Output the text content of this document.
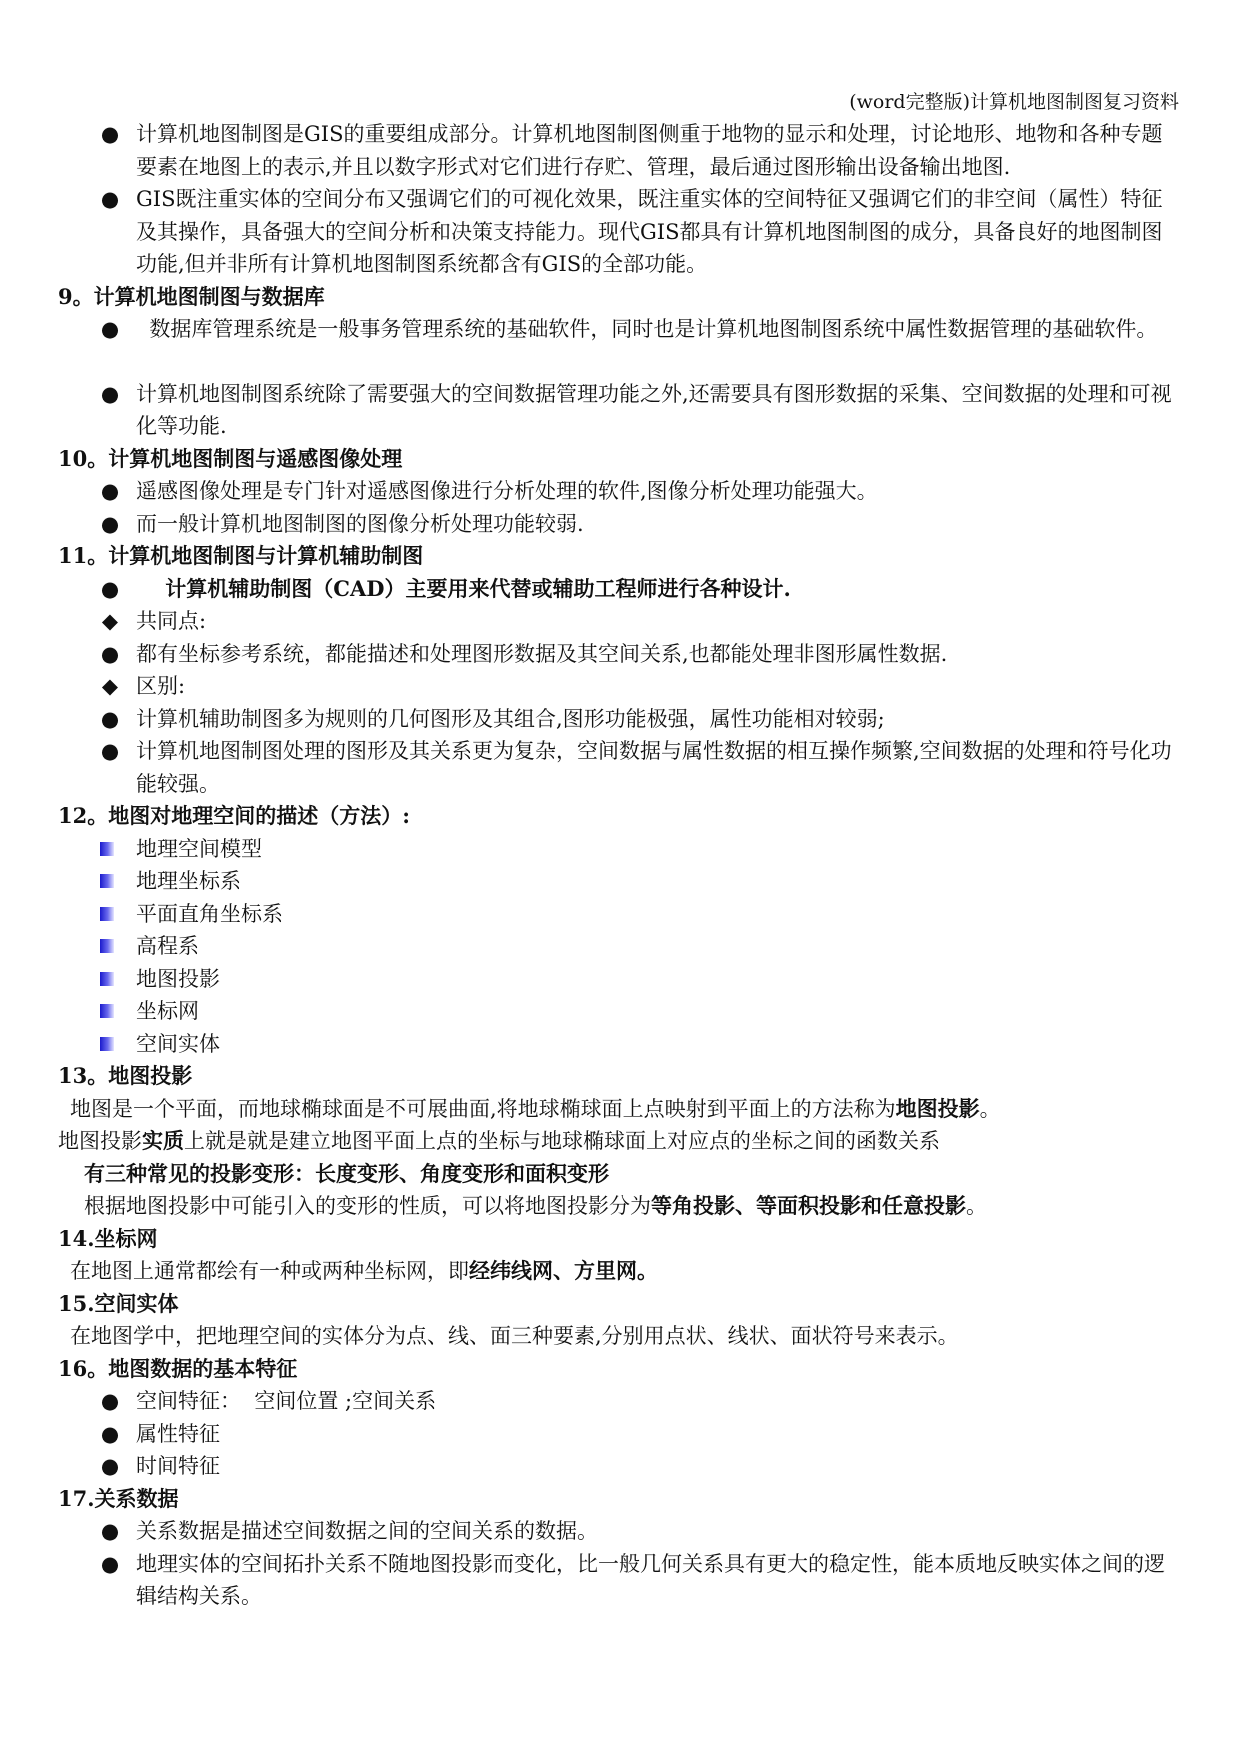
(word完整版)计算机地图制图复习资料
● 计算机地图制图是GIS的重要组成部分。计算机地图制图侧重于地物的显示和处理，讨论地形、地物和各种专题要素在地图上的表示,并且以数字形式对它们进行存贮、管理，最后通过图形输出设备输出地图.
● GIS既注重实体的空间分布又强调它们的可视化效果，既注重实体的空间特征又强调它们的非空间（属性）特征及其操作，具备强大的空间分析和决策支持能力。现代GIS都具有计算机地图制图的成分，具备良好的地图制图功能,但并非所有计算机地图制图系统都含有GIS的全部功能。
9。计算机地图制图与数据库
● 数据库管理系统是一般事务管理系统的基础软件，同时也是计算机地图制图系统中属性数据管理的基础软件。
● 计算机地图制图系统除了需要强大的空间数据管理功能之外,还需要具有图形数据的采集、空间数据的处理和可视化等功能.
10。计算机地图制图与遥感图像处理
● 遥感图像处理是专门针对遥感图像进行分析处理的软件,图像分析处理功能强大。
● 而一般计算机地图制图的图像分析处理功能较弱.
11。计算机地图制图与计算机辅助制图
● 计算机辅助制图（CAD）主要用来代替或辅助工程师进行各种设计.
◆ 共同点:
● 都有坐标参考系统，都能描述和处理图形数据及其空间关系,也都能处理非图形属性数据.
◆ 区别:
● 计算机辅助制图多为规则的几何图形及其组合,图形功能极强，属性功能相对较弱;
● 计算机地图制图处理的图形及其关系更为复杂，空间数据与属性数据的相互操作频繁,空间数据的处理和符号化功能较强。
12。地图对地理空间的描述（方法）:
地理空间模型
地理坐标系
平面直角坐标系
高程系
地图投影
坐标网
空间实体
13。地图投影
地图是一个平面，而地球椭球面是不可展曲面,将地球椭球面上点映射到平面上的方法称为地图投影。
地图投影实质上就是就是建立地图平面上点的坐标与地球椭球面上对应点的坐标之间的函数关系
有三种常见的投影变形：长度变形、角度变形和面积变形
根据地图投影中可能引入的变形的性质，可以将地图投影分为等角投影、等面积投影和任意投影。
14.坐标网
在地图上通常都绘有一种或两种坐标网，即经纬线网、方里网。
15.空间实体
在地图学中，把地理空间的实体分为点、线、面三种要素,分别用点状、线状、面状符号来表示。
16。地图数据的基本特征
● 空间特征：  空间位置 ;空间关系
● 属性特征
● 时间特征
17.关系数据
● 关系数据是描述空间数据之间的空间关系的数据。
● 地理实体的空间拓扑关系不随地图投影而变化，比一般几何关系具有更大的稳定性，能本质地反映实体之间的逻辑结构关系。
